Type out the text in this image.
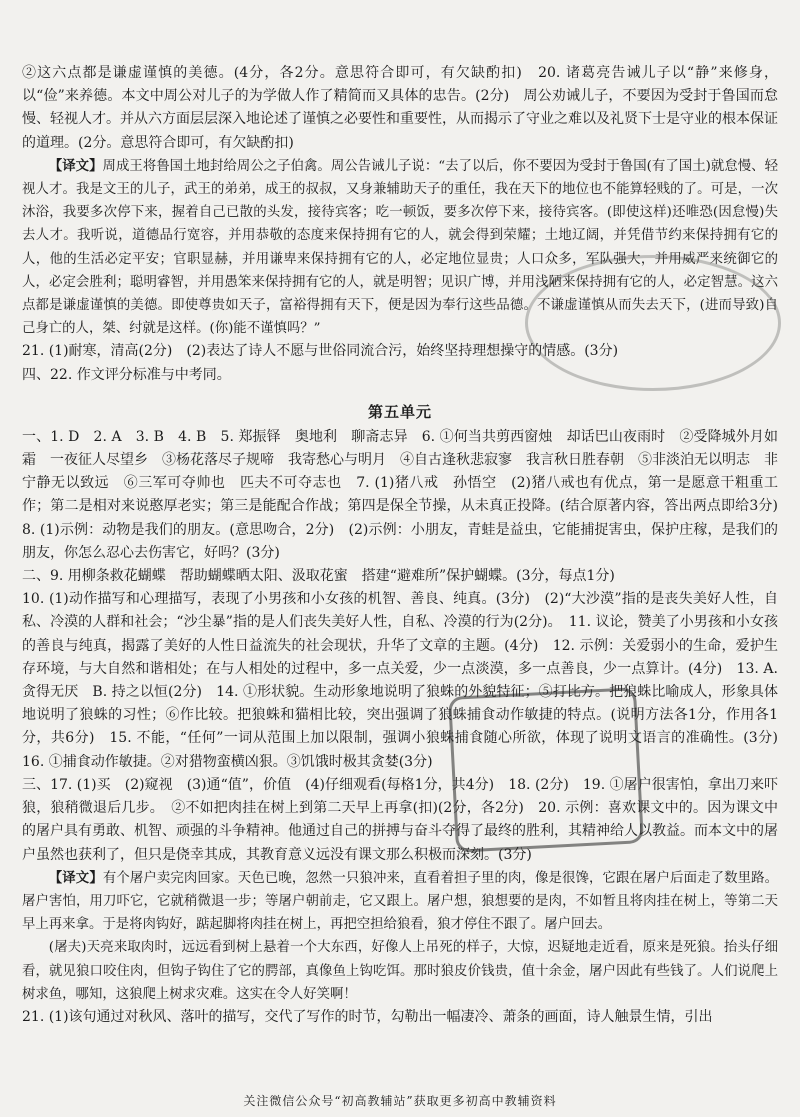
②这六点都是谦虚谨慎的美德。(4分，各2分。意思符合即可，有欠缺酌扣)　20. 诸葛亮告诫儿子以“静”来修身，以“俭”来养德。本文中周公对儿子的为学做人作了精简而又具体的忠告。(2分)　周公劝诫儿子，不要因为受封于鲁国而怠慢、轻视人才。并从六方面层层深入地论述了谨慎之必要性和重要性，从而揭示了守业之难以及礼贤下士是守业的根本保证的道理。(2分。意思符合即可，有欠缺酌扣)

【译文】周成王将鲁国土地封给周公之子伯禽。周公告诫儿子说：“去了以后，你不要因为受封于鲁国(有了国土)就怠慢、轻视人才。我是文王的儿子，武王的弟弟，成王的叔叔，又身兼辅助天子的重任，我在天下的地位也不能算轻贱的了。可是，一次沐浴，我要多次停下来，握着自己已散的头发，接待宾客；吃一顿饭，要多次停下来，接待宾客。(即使这样)还唯恐(因怠慢)失去人才。我听说，道德品行宽容，并用恭敬的态度来保持拥有它的人，就会得到荣耀；土地辽阔，并凭借节约来保持拥有它的人，他的生活必定平安；官职显赫，并用谦卑来保持拥有它的人，必定地位显贵；人口众多，军队强大，并用威严来统御它的人，必定会胜利；聪明睿智，并用愚笨来保持拥有它的人，就是明智；见识广博，并用浅陋来保持拥有它的人，必定智慧。这六点都是谦虚谨慎的美德。即使尊贵如天子，富裕得拥有天下，便是因为奉行这些品德。不谦虚谨慎从而失去天下，(进而导致)自己身亡的人，桀、纣就是这样。(你)能不谨慎吗？”

21. (1)耐寒，清高(2分)　(2)表达了诗人不愿与世俗同流合污，始终坚持理想操守的情感。(3分)

四、22. 作文评分标准与中考同。

第五单元

一、1. D　2. A　3. B　4. B　5. 郑振铎　奥地利　聊斋志异　6. ①何当共剪西窗烛　却话巴山夜雨时　②受降城外月如霜　一夜征人尽望乡　③杨花落尽子规啼　我寄愁心与明月　④自古逢秋悲寂寥　我言秋日胜春朝　⑤非淡泊无以明志　非宁静无以致远　⑥三军可夺帅也　匹夫不可夺志也　7. (1)猪八戒　孙悟空　(2)猪八戒也有优点，第一是愿意干粗重工作；第二是相对来说憨厚老实；第三是能配合作战；第四是保全节操，从未真正投降。(结合原著内容，答出两点即给3分)　8. (1)示例：动物是我们的朋友。(意思吻合，2分)　(2)示例：小朋友，青蛙是益虫，它能捕捉害虫，保护庄稼，是我们的朋友，你怎么忍心去伤害它，好吗？(3分)

二、9. 用柳条救花蝴蝶　帮助蝴蝶晒太阳、汲取花蜜　搭建“避难所”保护蝴蝶。(3分，每点1分)

10. (1)动作描写和心理描写，表现了小男孩和小女孩的机智、善良、纯真。(3分)　(2)“大沙漠”指的是丧失美好人性，自私、冷漠的人群和社会；“沙尘暴”指的是人们丧失美好人性，自私、冷漠的行为(2分)。　11. 议论，赞美了小男孩和小女孩的善良与纯真，揭露了美好的人性日益流失的社会现状，升华了文章的主题。(4分)　12. 示例：关爱弱小的生命，爱护生存环境，与大自然和谐相处；在与人相处的过程中，多一点关爱，少一点淡漠，多一点善良，少一点算计。(4分)　13. A. 贪得无厌　B. 持之以恒(2分)　14. ①形状貌。生动形象地说明了狼蛛的外貌特征；⑤打比方。把狼蛛比喻成人，形象具体地说明了狼蛛的习性；⑥作比较。把狼蛛和猫相比较，突出强调了狼蛛捕食动作敏捷的特点。(说明方法各1分，作用各1分，共6分)　15. 不能，“任何”一词从范围上加以限制，强调小狼蛛捕食随心所欲，体现了说明文语言的准确性。(3分)　16. ①捕食动作敏捷。②对猎物蛮横凶狠。③饥饿时极其贪婪(3分)

三、17. (1)买　(2)窥视　(3)通“值”，价值　(4)仔细观看(每格1分，共4分)　18. (2分)　19. ①屠户很害怕，拿出刀来吓狼，狼稍微退后几步。　②不如把肉挂在树上到第二天早上再拿(扣)(2分，各2分)　20. 示例：喜欢课文中的。因为课文中的屠户具有勇敢、机智、顽强的斗争精神。他通过自己的拼搏与奋斗夺得了最终的胜利，其精神给人以教益。而本文中的屠户虽然也获利了，但只是侥幸其成，其教育意义远没有课文那么积极而深刻。(3分)

【译文】有个屠户卖完肉回家。天色已晚，忽然一只狼冲来，直看着担子里的肉，像是很馋，它跟在屠户后面走了数里路。屠户害怕，用刀吓它，它就稍微退一步；等屠户朝前走，它又跟上。屠户想，狼想要的是肉，不如暂且将肉挂在树上，等第二天早上再来拿。于是将肉钩好，踮起脚将肉挂在树上，再把空担给狼看，狼才停住不跟了。屠户回去。

(屠夫)天亮来取肉时，远远看到树上悬着一个大东西，好像人上吊死的样子，大惊，迟疑地走近看，原来是死狼。抬头仔细看，就见狼口咬住肉，但钩子钩住了它的腭部，真像鱼上钩吃饵。那时狼皮价钱贵，值十余金，屠户因此有些钱了。人们说爬上树求鱼，哪知，这狼爬上树求灾难。这实在令人好笑啊！

21. (1)该句通过对秋风、落叶的描写，交代了写作的时节，勾勒出一幅凄冷、萧条的画面，诗人触景生情，引出

关注微信公众号“初高教辅站”获取更多初高中教辅资料
